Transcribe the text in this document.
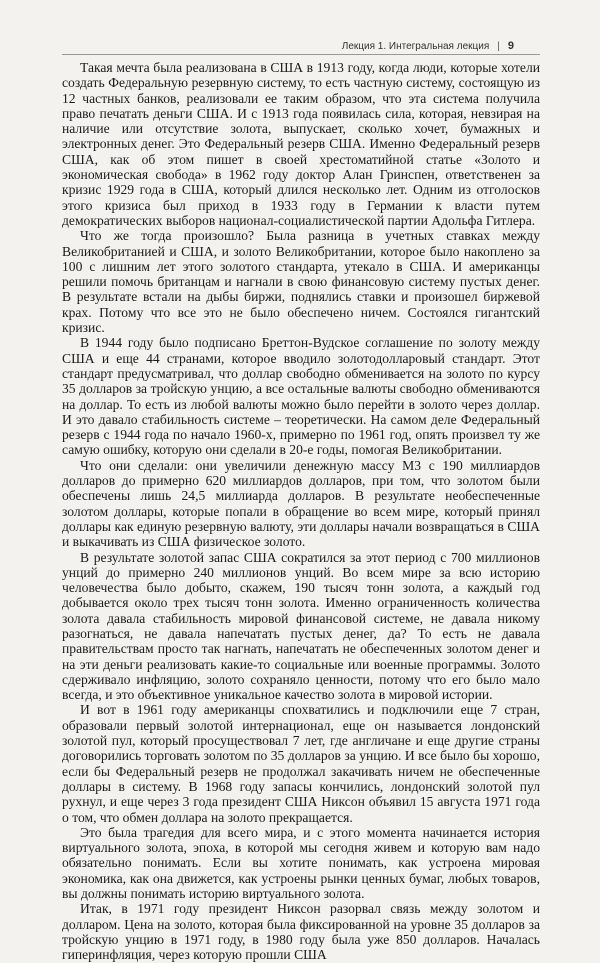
Лекция 1. Интегральная лекция | 9

Такая мечта была реализована в США в 1913 году, когда люди, которые хотели создать Федеральную резервную систему, то есть частную систему, состоящую из 12 частных банков, реализовали ее таким образом, что эта система получила право печатать деньги США. И с 1913 года появилась сила, которая, невзирая на наличие или отсутствие золота, выпускает, сколько хочет, бумажных и электронных денег. Это Федеральный резерв США. Именно Федеральный резерв США, как об этом пишет в своей хрестоматийной статье «Золото и экономическая свобода» в 1962 году доктор Алан Гринспен, ответственен за кризис 1929 года в США, который длился несколько лет. Одним из отголосков этого кризиса был приход в 1933 году в Германии к власти путем демократических выборов национал-социалистической партии Адольфа Гитлера.

Что же тогда произошло? Была разница в учетных ставках между Великобританией и США, и золото Великобритании, которое было накоплено за 100 с лишним лет этого золотого стандарта, утекало в США. И американцы решили помочь британцам и нагнали в свою финансовую систему пустых денег. В результате встали на дыбы биржи, поднялись ставки и произошел биржевой крах. Потому что все это не было обеспечено ничем. Состоялся гигантский кризис.

В 1944 году было подписано Бреттон-Вудское соглашение по золоту между США и еще 44 странами, которое вводило золотодолларовый стандарт. Этот стандарт предусматривал, что доллар свободно обменивается на золото по курсу 35 долларов за тройскую унцию, а все остальные валюты свободно обмениваются на доллар. То есть из любой валюты можно было перейти в золото через доллар. И это давало стабильность системе – теоретически. На самом деле Федеральный резерв с 1944 года по начало 1960-х, примерно по 1961 год, опять произвел ту же самую ошибку, которую они сделали в 20-е годы, помогая Великобритании.

Что они сделали: они увеличили денежную массу М3 с 190 миллиардов долларов до примерно 620 миллиардов долларов, при том, что золотом были обеспечены лишь 24,5 миллиарда долларов. В результате необеспеченные золотом доллары, которые попали в обращение во всем мире, который принял доллары как единую резервную валюту, эти доллары начали возвращаться в США и выкачивать из США физическое золото.

В результате золотой запас США сократился за этот период с 700 миллионов унций до примерно 240 миллионов унций. Во всем мире за всю историю человечества было добыто, скажем, 190 тысяч тонн золота, а каждый год добывается около трех тысяч тонн золота. Именно ограниченность количества золота давала стабильность мировой финансовой системе, не давала никому разогнаться, не давала напечатать пустых денег, да? То есть не давала правительствам просто так нагнать, напечатать не обеспеченных золотом денег и на эти деньги реализовать какие-то социальные или военные программы. Золото сдерживало инфляцию, золото сохраняло ценности, потому что его было мало всегда, и это объективное уникальное качество золота в мировой истории.

И вот в 1961 году американцы спохватились и подключили еще 7 стран, образовали первый золотой интернационал, еще он называется лондонский золотой пул, который просуществовал 7 лет, где англичане и еще другие страны договорились торговать золотом по 35 долларов за унцию. И все было бы хорошо, если бы Федеральный резерв не продолжал закачивать ничем не обеспеченные доллары в систему. В 1968 году запасы кончились, лондонский золотой пул рухнул, и еще через 3 года президент США Никсон объявил 15 августа 1971 года о том, что обмен доллара на золото прекращается.

Это была трагедия для всего мира, и с этого момента начинается история виртуального золота, эпоха, в которой мы сегодня живем и которую вам надо обязательно понимать. Если вы хотите понимать, как устроена мировая экономика, как она движется, как устроены рынки ценных бумаг, любых товаров, вы должны понимать историю виртуального золота.

Итак, в 1971 году президент Никсон разорвал связь между золотом и долларом. Цена на золото, которая была фиксированной на уровне 35 долларов за тройскую унцию в 1971 году, в 1980 году была уже 850 долларов. Началась гиперинфляция, через которую прошли США
